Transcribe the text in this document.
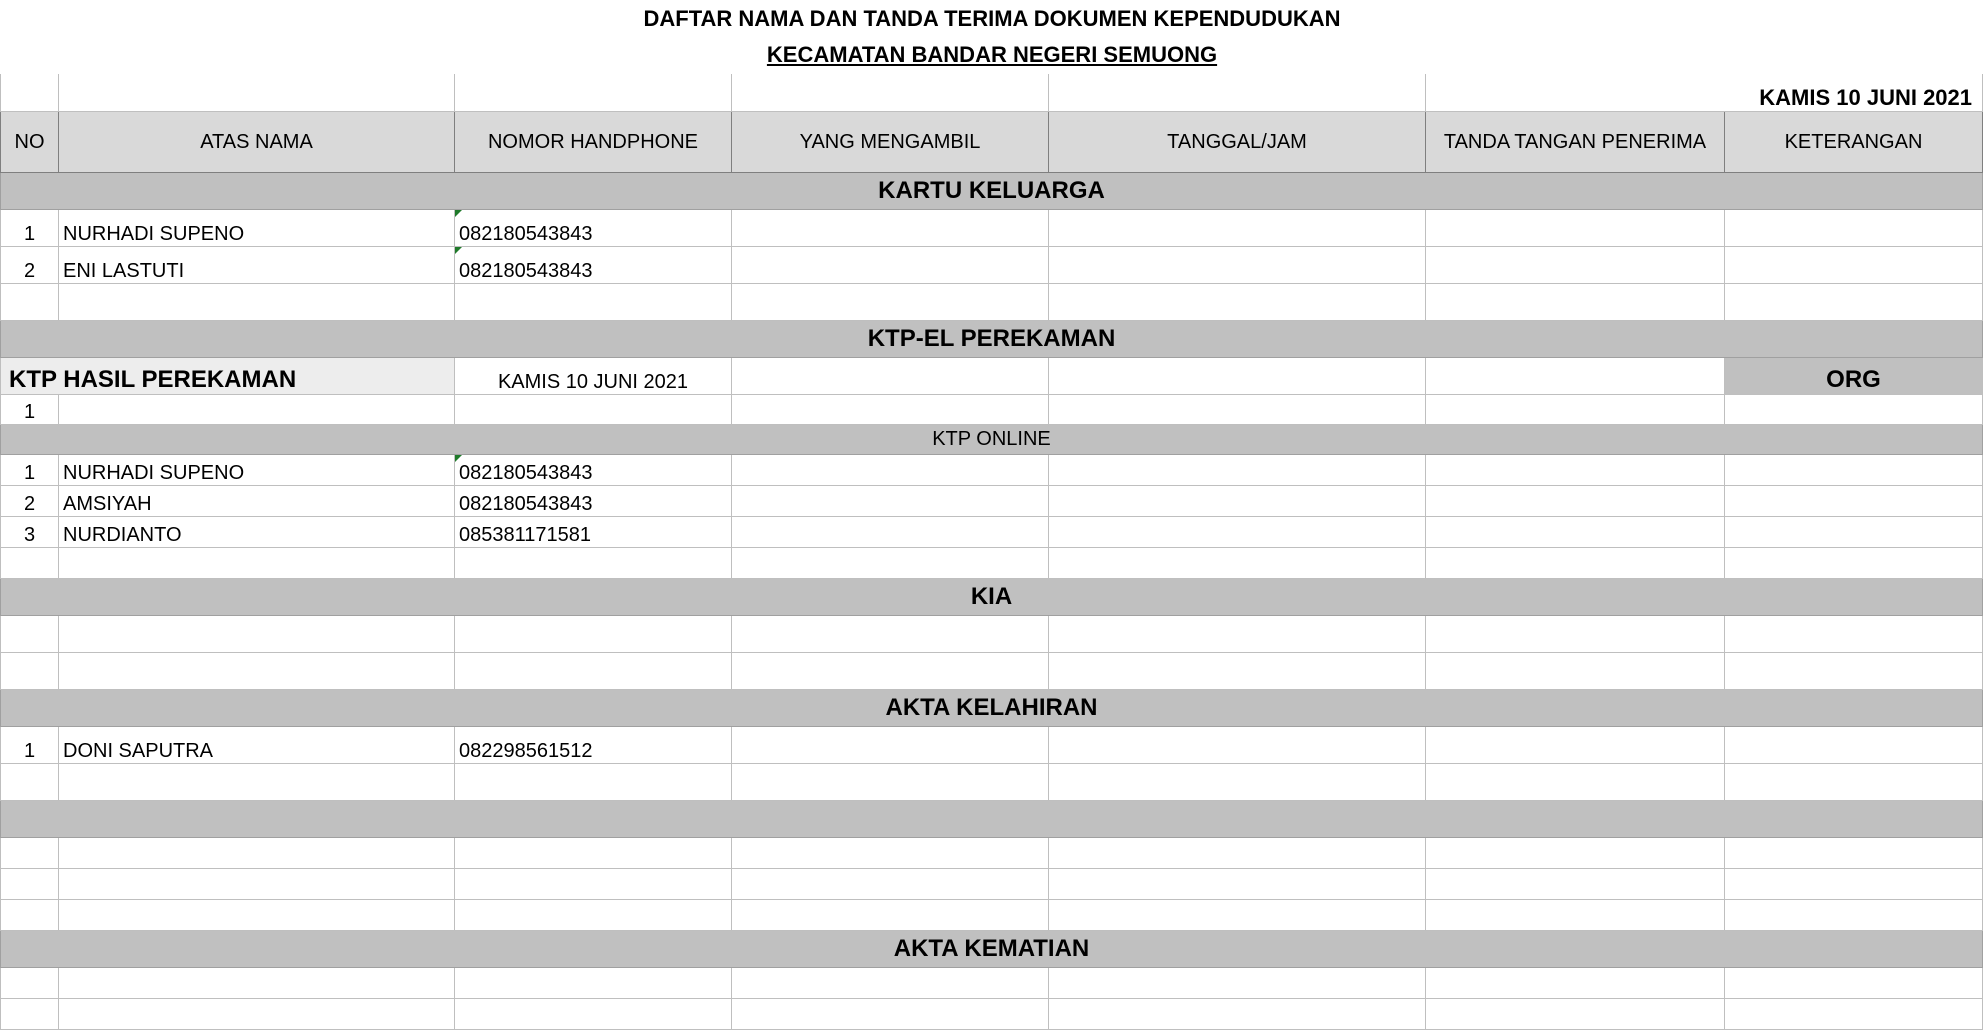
DAFTAR NAMA DAN TANDA TERIMA DOKUMEN KEPENDUDUKAN
KECAMATAN BANDAR NEGERI SEMUONG
					KAMIS 10 JUNI 2021	
NO	ATAS NAMA	NOMOR HANDPHONE	YANG MENGAMBIL	TANGGAL/JAM	TANDA TANGAN PENERIMA	KETERANGAN
KARTU KELUARGA						
1	NURHADI SUPENO	082180543843				
2	ENI LASTUTI	082180543843				

KTP-EL PEREKAMAN						
KTP HASIL PEREKAMAN		KAMIS 10 JUNI 2021				ORG
1						
KTP ONLINE						
1	NURHADI SUPENO	082180543843				
2	AMSIYAH	082180543843				
3	NURDIANTO	085381171581				

KIA						

AKTA KELAHIRAN						
1	DONI SAPUTRA	082298561512				

AKTA KEMATIAN						
